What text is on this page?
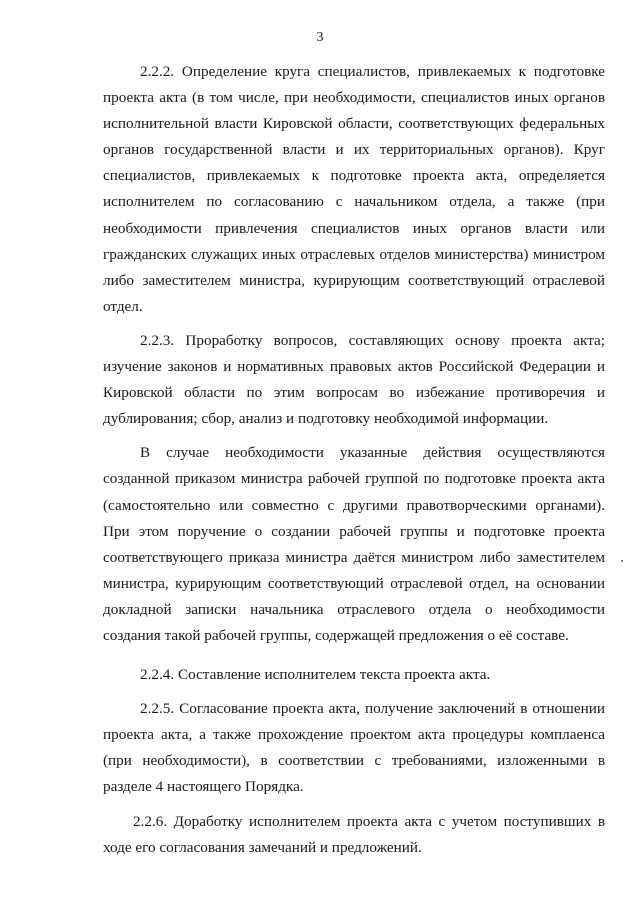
3

2.2.2. Определение круга специалистов, привлекаемых к подготовке проекта акта (в том числе, при необходимости, специалистов иных органов исполнительной власти Кировской области, соответствующих федеральных органов государственной власти и их территориальных органов). Круг специалистов, привлекаемых к подготовке проекта акта, определяется исполнителем по согласованию с начальником отдела, а также (при необходимости привлечения специалистов иных органов власти или гражданских служащих иных отраслевых отделов министерства) министром либо заместителем министра, курирующим соответствующий отраслевой отдел.

2.2.3. Проработку вопросов, составляющих основу проекта акта; изучение законов и нормативных правовых актов Российской Федерации и Кировской области по этим вопросам во избежание противоречия и дублирования; сбор, анализ и подготовку необходимой информации.

В случае необходимости указанные действия осуществляются созданной приказом министра рабочей группой по подготовке проекта акта (самостоятельно или совместно с другими правотворческими органами). При этом поручение о создании рабочей группы и подготовке проекта соответствующего приказа министра даётся министром либо заместителем министра, курирующим соответствующий отраслевой отдел, на основании докладной записки начальника отраслевого отдела о необходимости создания такой рабочей группы, содержащей предложения о её составе.

2.2.4. Составление исполнителем текста проекта акта.

2.2.5. Согласование проекта акта, получение заключений в отношении проекта акта, а также прохождение проектом акта процедуры комплаенса (при необходимости), в соответствии с требованиями, изложенными в разделе 4 настоящего Порядка.

2.2.6. Доработку исполнителем проекта акта с учетом поступивших в ходе его согласования замечаний и предложений.
